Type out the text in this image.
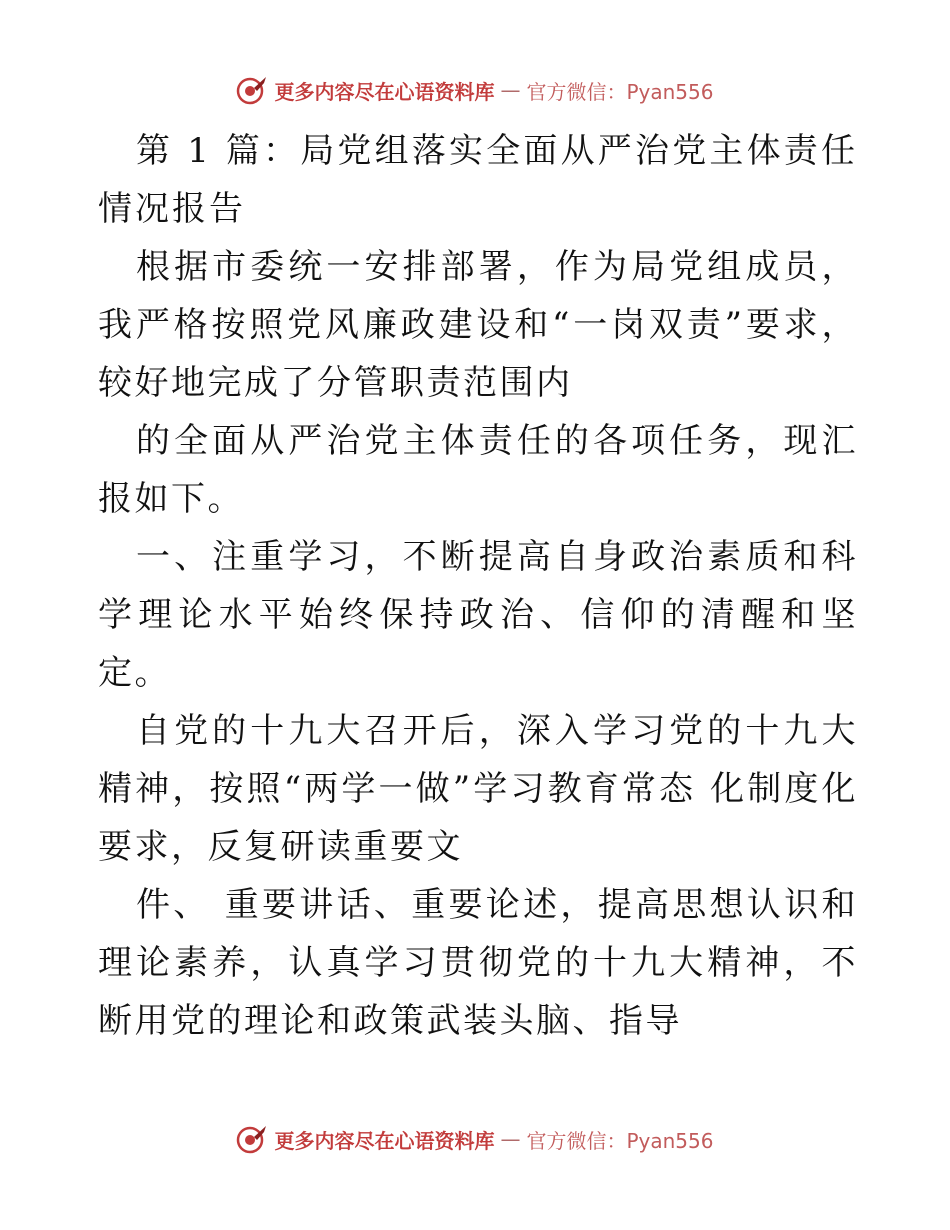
更多内容尽在心语资料库 — 官方微信：Pyan556

第 1 篇：局党组落实全面从严治党主体责任情况报告

根据市委统一安排部署，作为局党组成员，我严格按照党风廉政建设和“一岗双责”要求，较好地完成了分管职责范围内

的全面从严治党主体责任的各项任务，现汇报如下。

一、注重学习，不断提高自身政治素质和科学理论水平始终保持政治、信仰的清醒和坚定。

自党的十九大召开后，深入学习党的十九大精神，按照“两学一做”学习教育常态 化制度化要求，反复研读重要文

件、 重要讲话、重要论述，提高思想认识和理论素养，认真学习贯彻党的十九大精神，不断用党的理论和政策武装头脑、指导

更多内容尽在心语资料库 — 官方微信：Pyan556
